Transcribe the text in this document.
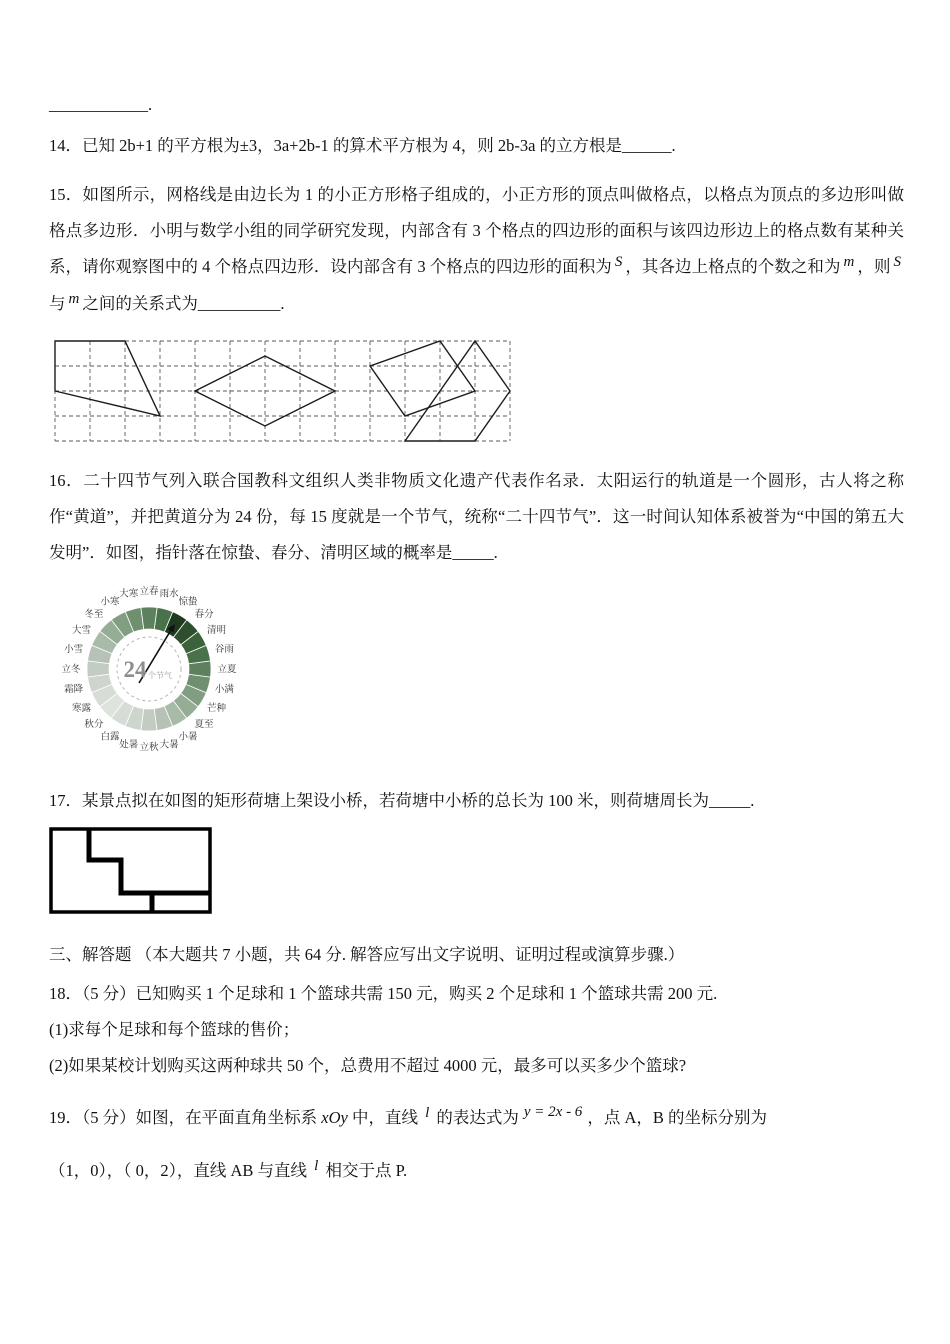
____________.

14．已知 2b+1 的平方根为±3，3a+2b-1 的算术平方根为 4，则 2b-3a 的立方根是______.

15．如图所示，网格线是由边长为 1 的小正方形格子组成的，小正方形的顶点叫做格点，以格点为顶点的多边形叫做格点多边形．小明与数学小组的同学研究发现，内部含有 3 个格点的四边形的面积与该四边形边上的格点数有某种关系，请你观察图中的 4 个格点四边形．设内部含有 3 个格点的四边形的面积为 S ，其各边上格点的个数之和为 m ，则 S与 m 之间的关系式为__________.

16．二十四节气列入联合国教科文组织人类非物质文化遗产代表作名录．太阳运行的轨道是一个圆形，古人将之称作“黄道”，并把黄道分为 24 份，每 15 度就是一个节气，统称“二十四节气”．这一时间认知体系被誉为“中国的第五大发明”．如图，指针落在惊蛰、春分、清明区域的概率是_____.

24 个节气
立春 雨水
惊蛰
春分
清明
谷雨
立夏
小满
芒种
夏至
小暑
大暑
立秋
处暑
白露
秋分
寒露
霜降
立冬
小雪
大雪
冬至
小寒
大寒

17．某景点拟在如图的矩形荷塘上架设小桥，若荷塘中小桥的总长为 100 米，则荷塘周长为_____.

三、解答题 （本大题共 7 小题，共 64 分. 解答应写出文字说明、证明过程或演算步骤.）

18．（5 分）已知购买 1 个足球和 1 个篮球共需 150 元，购买 2 个足球和 1 个篮球共需 200 元.

(1)求每个足球和每个篮球的售价；

(2)如果某校计划购买这两种球共 50 个，总费用不超过 4000 元，最多可以买多少个篮球?

19．（5 分）如图，在平面直角坐标系 xOy 中，直线 l 的表达式为 y = 2x - 6 ，点 A，B 的坐标分别为

（1，0），（ 0，2），直线 AB 与直线 l 相交于点 P.
